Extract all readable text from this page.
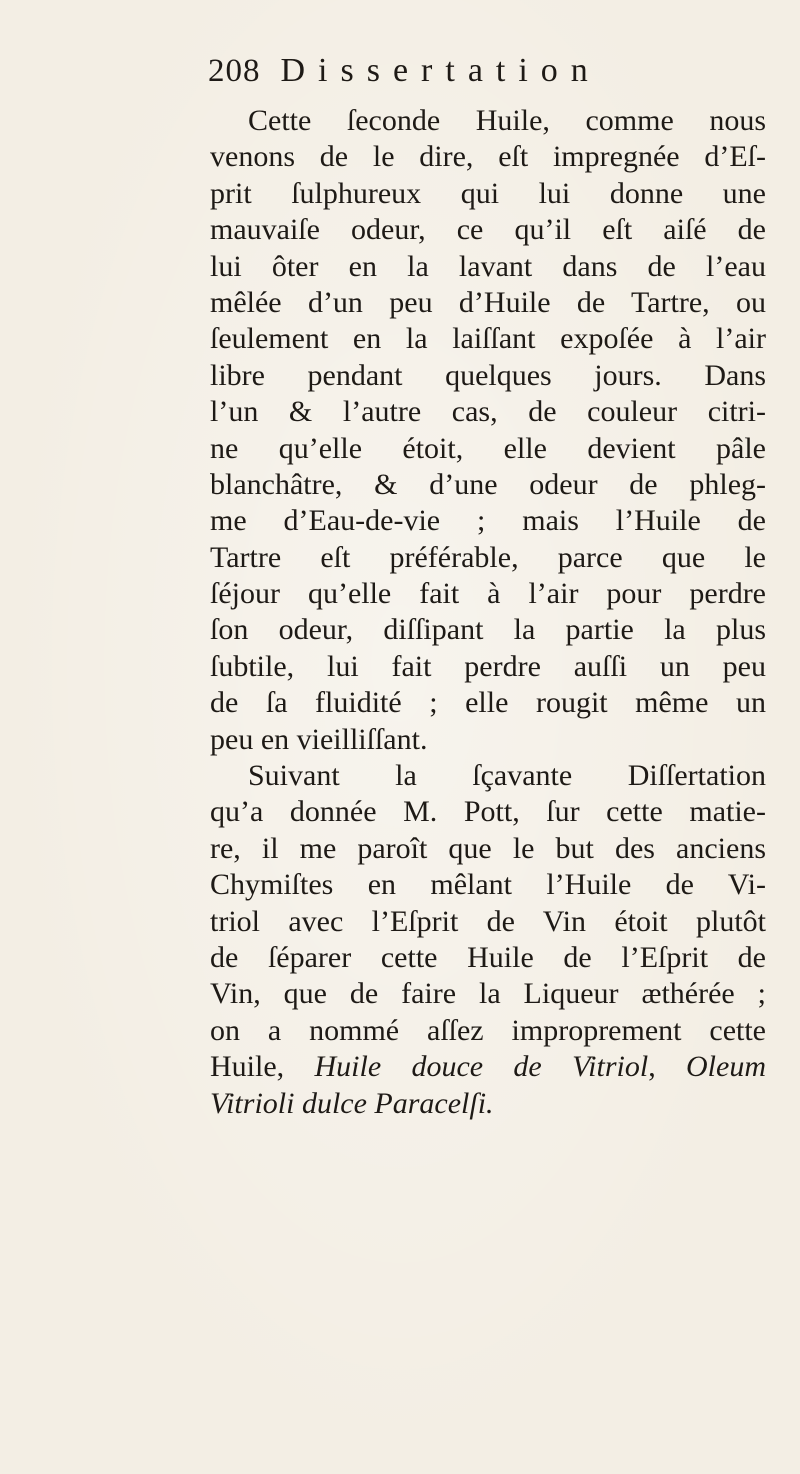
208 Dissertation
Cette ſeconde Huile, comme nous
venons de le dire, eſt impregnée d’Eſ-
prit ſulphureux qui lui donne une
mauvaiſe odeur, ce qu’il eſt aiſé de
lui ôter en la lavant dans de l’eau
mêlée d’un peu d’Huile de Tartre, ou
ſeulement en la laiſſant expoſée à l’air
libre pendant quelques jours. Dans
l’un & l’autre cas, de couleur citri-
ne qu’elle étoit, elle devient pâle
blanchâtre, & d’une odeur de phleg-
me d’Eau-de-vie ; mais l’Huile de
Tartre eſt préférable, parce que le
ſéjour qu’elle fait à l’air pour perdre
ſon odeur, diſſipant la partie la plus
ſubtile, lui fait perdre auſſi un peu
de ſa fluidité ; elle rougit même un
peu en vieilliſſant.
Suivant la ſçavante Diſſertation
qu’a donnée M. Pott, ſur cette matie-
re, il me paroît que le but des anciens
Chymiſtes en mêlant l’Huile de Vi-
triol avec l’Eſprit de Vin étoit plutôt
de ſéparer cette Huile de l’Eſprit de
Vin, que de faire la Liqueur æthérée ;
on a nommé aſſez improprement cette
Huile, Huile douce de Vitriol, Oleum
Vitrioli dulce Paracelſi.
